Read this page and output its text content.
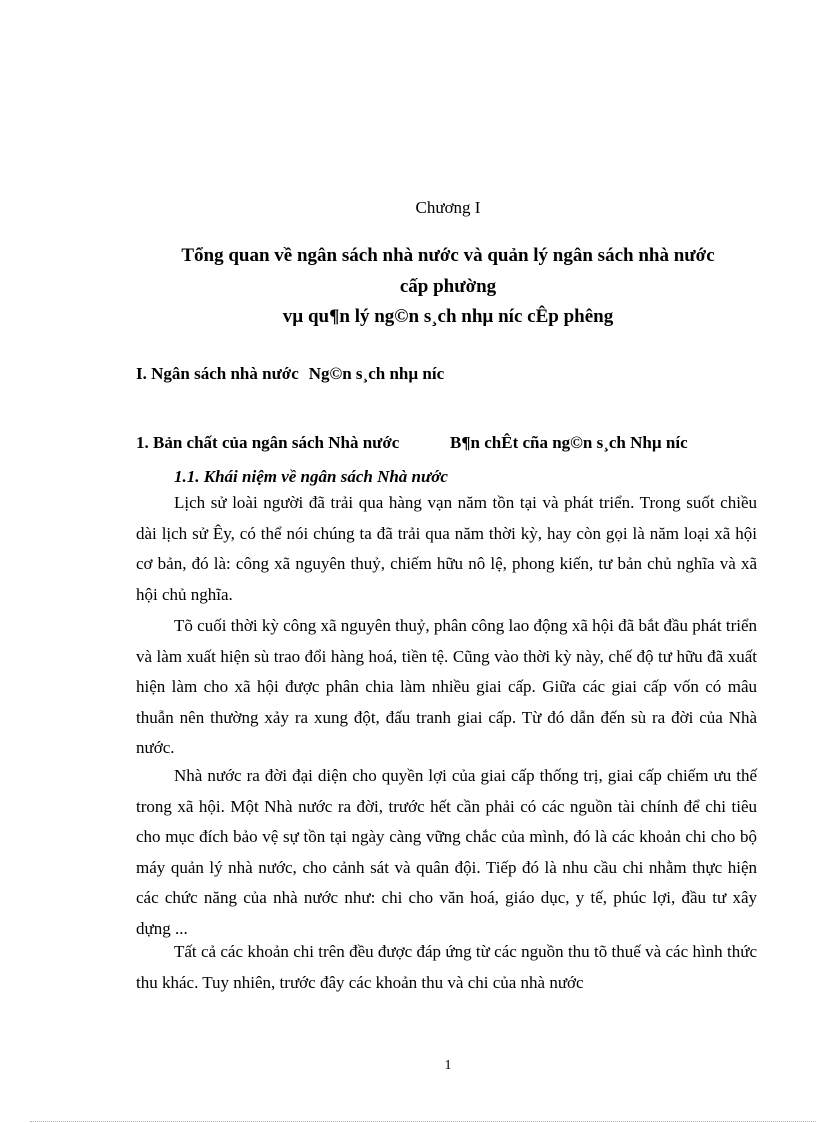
Chương I
Tổng quan về ngân sách nhà nước và quản lý ngân sách nhà nước
cấp phường
vµ qu¶n lý ng©n s¸ch nhµ níc cÊp phêng
I. Ngân sách nhà nước Ng©n s¸ch nhµ níc
1. Bản chất của ngân sách Nhà nước	B¶n chÊt cña ng©n s¸ch Nhµ níc
1.1. Khái niệm về ngân sách Nhà nước

Lịch sử loài người đã trải qua hàng vạn năm tồn tại và phát triển. Trong suốt chiều dài lịch sử Êy, có thể nói chúng ta đã trải qua năm thời kỳ, hay còn gọi là năm loại xã hội cơ bản, đó là: công xã nguyên thuỷ, chiếm hữu nô lệ, phong kiến, tư bản chủ nghĩa và xã hội chủ nghĩa.

Tõ cuối thời kỳ công xã nguyên thuỷ, phân công lao động xã hội đã bắt đầu phát triển và làm xuất hiện sù trao đổi hàng hoá, tiền tệ. Cũng vào thời kỳ này, chế độ tư hữu đã xuất hiện làm cho xã hội được phân chia làm nhiều giai cấp. Giữa các giai cấp vốn có mâu thuẫn nên thường xảy ra xung đột, đấu tranh giai cấp. Từ đó dẫn đến sù ra đời của Nhà nước.

Nhà nước ra đời đại diện cho quyền lợi của giai cấp thống trị, giai cấp chiếm ưu thế trong xã hội. Một Nhà nước ra đời, trước hết cần phải có các nguồn tài chính để chi tiêu cho mục đích bảo vệ sự tồn tại ngày càng vững chắc của mình, đó là các khoản chi cho bộ máy quản lý nhà nước, cho cảnh sát và quân đội. Tiếp đó là nhu cầu chi nhằm thực hiện các chức năng của nhà nước như: chi cho văn hoá, giáo dục, y tế, phúc lợi, đầu tư xây dựng ...

Tất cả các khoản chi trên đều được đáp ứng từ các nguồn thu tõ thuế và các hình thức thu khác. Tuy nhiên, trước đây các khoản thu và chi của nhà nước

1
